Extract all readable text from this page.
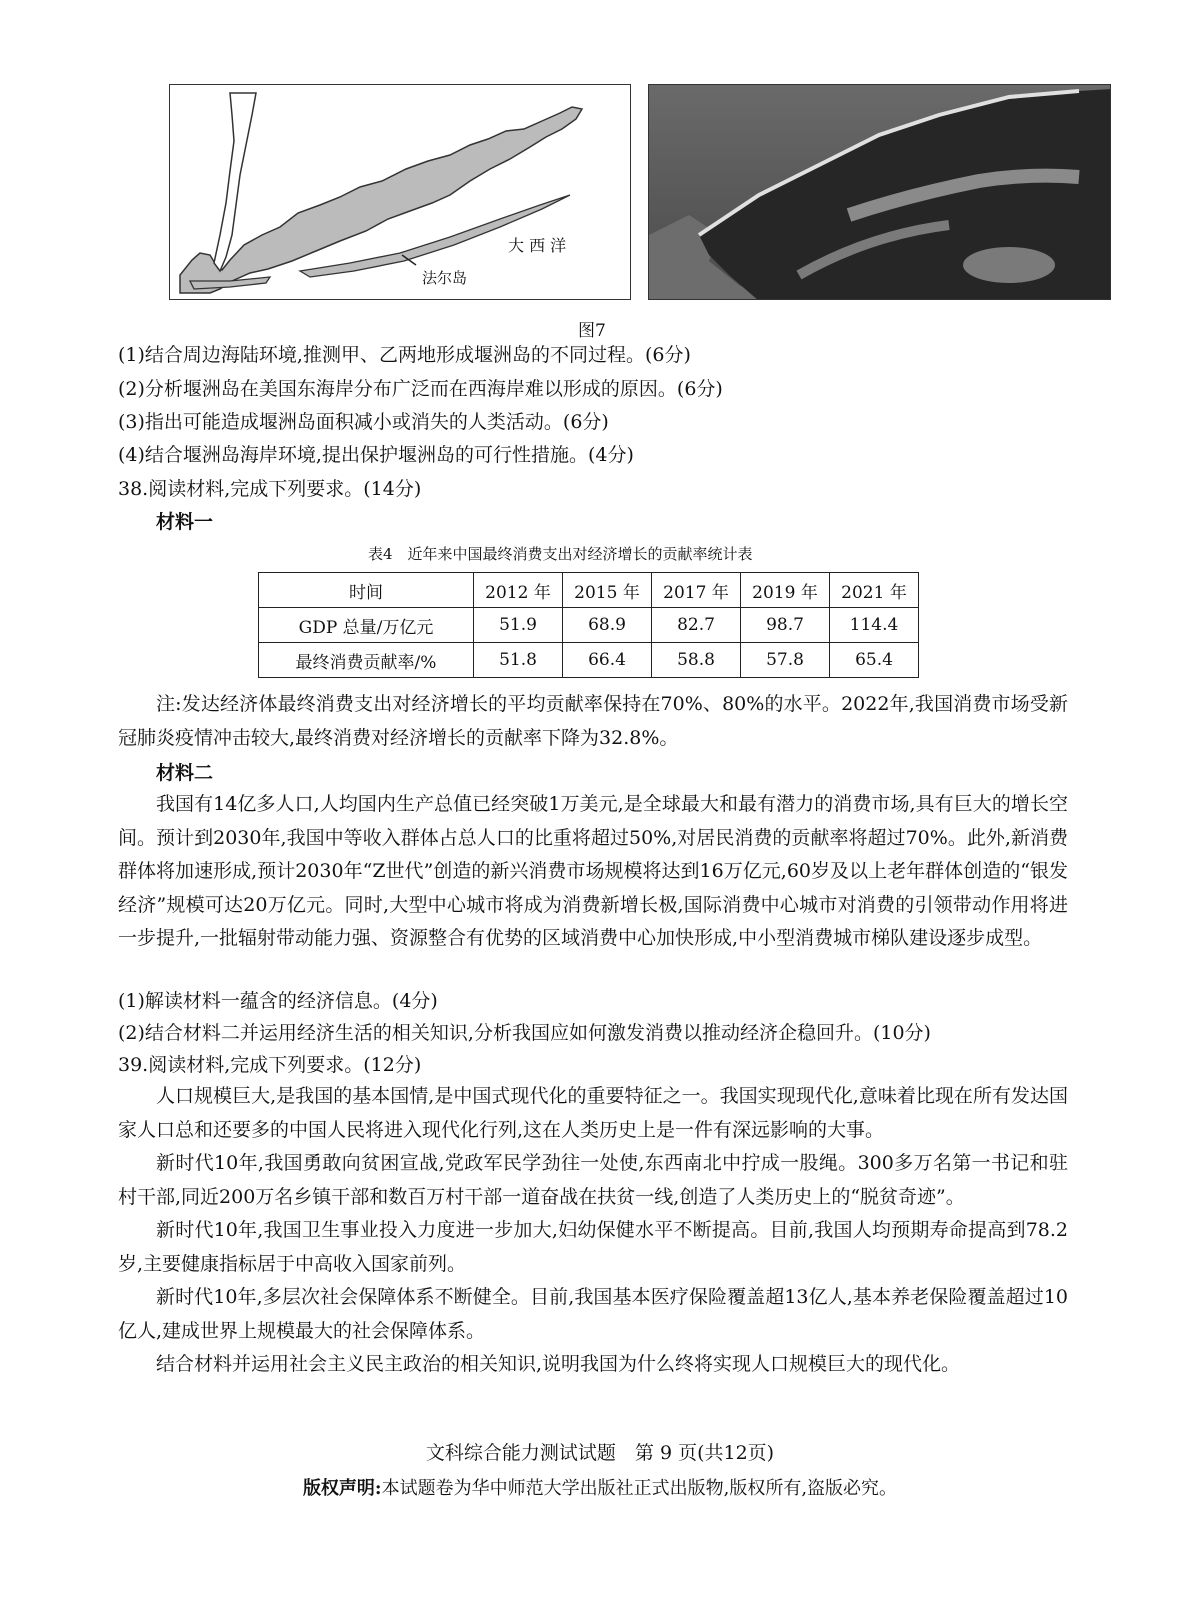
大 西 洋
法尔岛
图7
(1)结合周边海陆环境,推测甲、乙两地形成堰洲岛的不同过程。(6分)
(2)分析堰洲岛在美国东海岸分布广泛而在西海岸难以形成的原因。(6分)
(3)指出可能造成堰洲岛面积减小或消失的人类活动。(6分)
(4)结合堰洲岛海岸环境,提出保护堰洲岛的可行性措施。(4分)
38.阅读材料,完成下列要求。(14分)
材料一
表4　近年来中国最终消费支出对经济增长的贡献率统计表
时间	2012 年	2015 年	2017 年	2019 年	2021 年
GDP 总量/万亿元	51.9	68.9	82.7	98.7	114.4
最终消费贡献率/%	51.8	66.4	58.8	57.8	65.4

注:发达经济体最终消费支出对经济增长的平均贡献率保持在70%、80%的水平。2022年,我国消费市场受新冠肺炎疫情冲击较大,最终消费对经济增长的贡献率下降为32.8%。

材料二

我国有14亿多人口,人均国内生产总值已经突破1万美元,是全球最大和最有潜力的消费市场,具有巨大的增长空间。预计到2030年,我国中等收入群体占总人口的比重将超过50%,对居民消费的贡献率将超过70%。此外,新消费群体将加速形成,预计2030年“Z世代”创造的新兴消费市场规模将达到16万亿元,60岁及以上老年群体创造的“银发经济”规模可达20万亿元。同时,大型中心城市将成为消费新增长极,国际消费中心城市对消费的引领带动作用将进一步提升,一批辐射带动能力强、资源整合有优势的区域消费中心加快形成,中小型消费城市梯队建设逐步成型。

(1)解读材料一蕴含的经济信息。(4分)
(2)结合材料二并运用经济生活的相关知识,分析我国应如何激发消费以推动经济企稳回升。(10分)
39.阅读材料,完成下列要求。(12分)

人口规模巨大,是我国的基本国情,是中国式现代化的重要特征之一。我国实现现代化,意味着比现在所有发达国家人口总和还要多的中国人民将进入现代化行列,这在人类历史上是一件有深远影响的大事。

新时代10年,我国勇敢向贫困宣战,党政军民学劲往一处使,东西南北中拧成一股绳。300多万名第一书记和驻村干部,同近200万名乡镇干部和数百万村干部一道奋战在扶贫一线,创造了人类历史上的“脱贫奇迹”。

新时代10年,我国卫生事业投入力度进一步加大,妇幼保健水平不断提高。目前,我国人均预期寿命提高到78.2岁,主要健康指标居于中高收入国家前列。

新时代10年,多层次社会保障体系不断健全。目前,我国基本医疗保险覆盖超13亿人,基本养老保险覆盖超过10亿人,建成世界上规模最大的社会保障体系。

结合材料并运用社会主义民主政治的相关知识,说明我国为什么终将实现人口规模巨大的现代化。

文科综合能力测试试题　第 9 页(共12页)
版权声明:本试题卷为华中师范大学出版社正式出版物,版权所有,盗版必究。
